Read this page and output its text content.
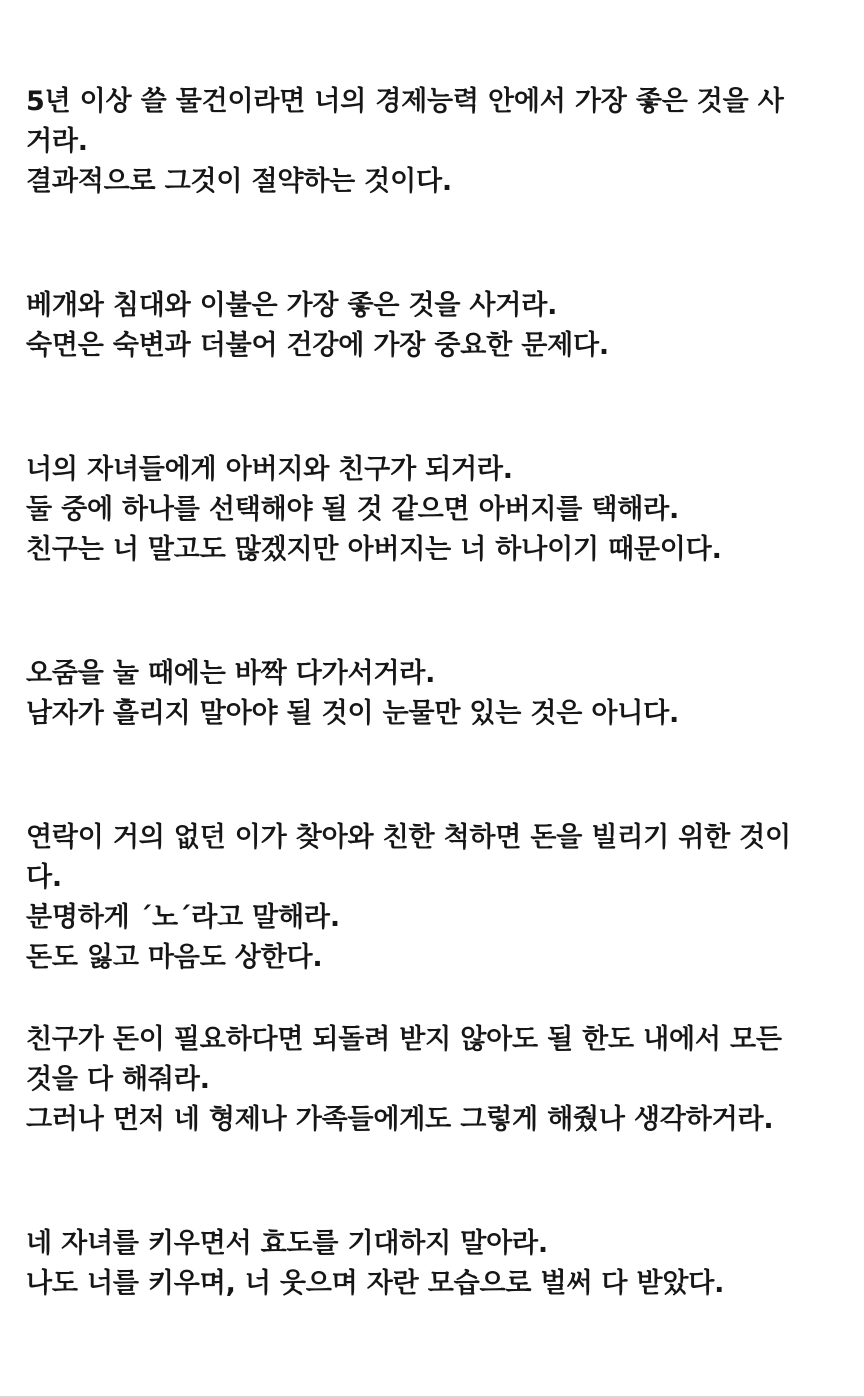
5년 이상 쓸 물건이라면 너의 경제능력 안에서 가장 좋은 것을 사
거라.
결과적으로 그것이 절약하는 것이다.
베개와 침대와 이불은 가장 좋은 것을 사거라.
숙면은 숙변과 더불어 건강에 가장 중요한 문제다.
너의 자녀들에게 아버지와 친구가 되거라.
둘 중에 하나를 선택해야 될 것 같으면 아버지를 택해라.
친구는 너 말고도 많겠지만 아버지는 너 하나이기 때문이다.
오줌을 눌 때에는 바짝 다가서거라.
남자가 흘리지 말아야 될 것이 눈물만 있는 것은 아니다.
연락이 거의 없던 이가 찾아와 친한 척하면 돈을 빌리기 위한 것이
다.
분명하게 ´노´라고 말해라.
돈도 잃고 마음도 상한다.
친구가 돈이 필요하다면 되돌려 받지 않아도 될 한도 내에서 모든
것을 다 해줘라.
그러나 먼저 네 형제나 가족들에게도 그렇게 해줬나 생각하거라.
네 자녀를 키우면서 효도를 기대하지 말아라.
나도 너를 키우며, 너 웃으며 자란 모습으로 벌써 다 받았다.
